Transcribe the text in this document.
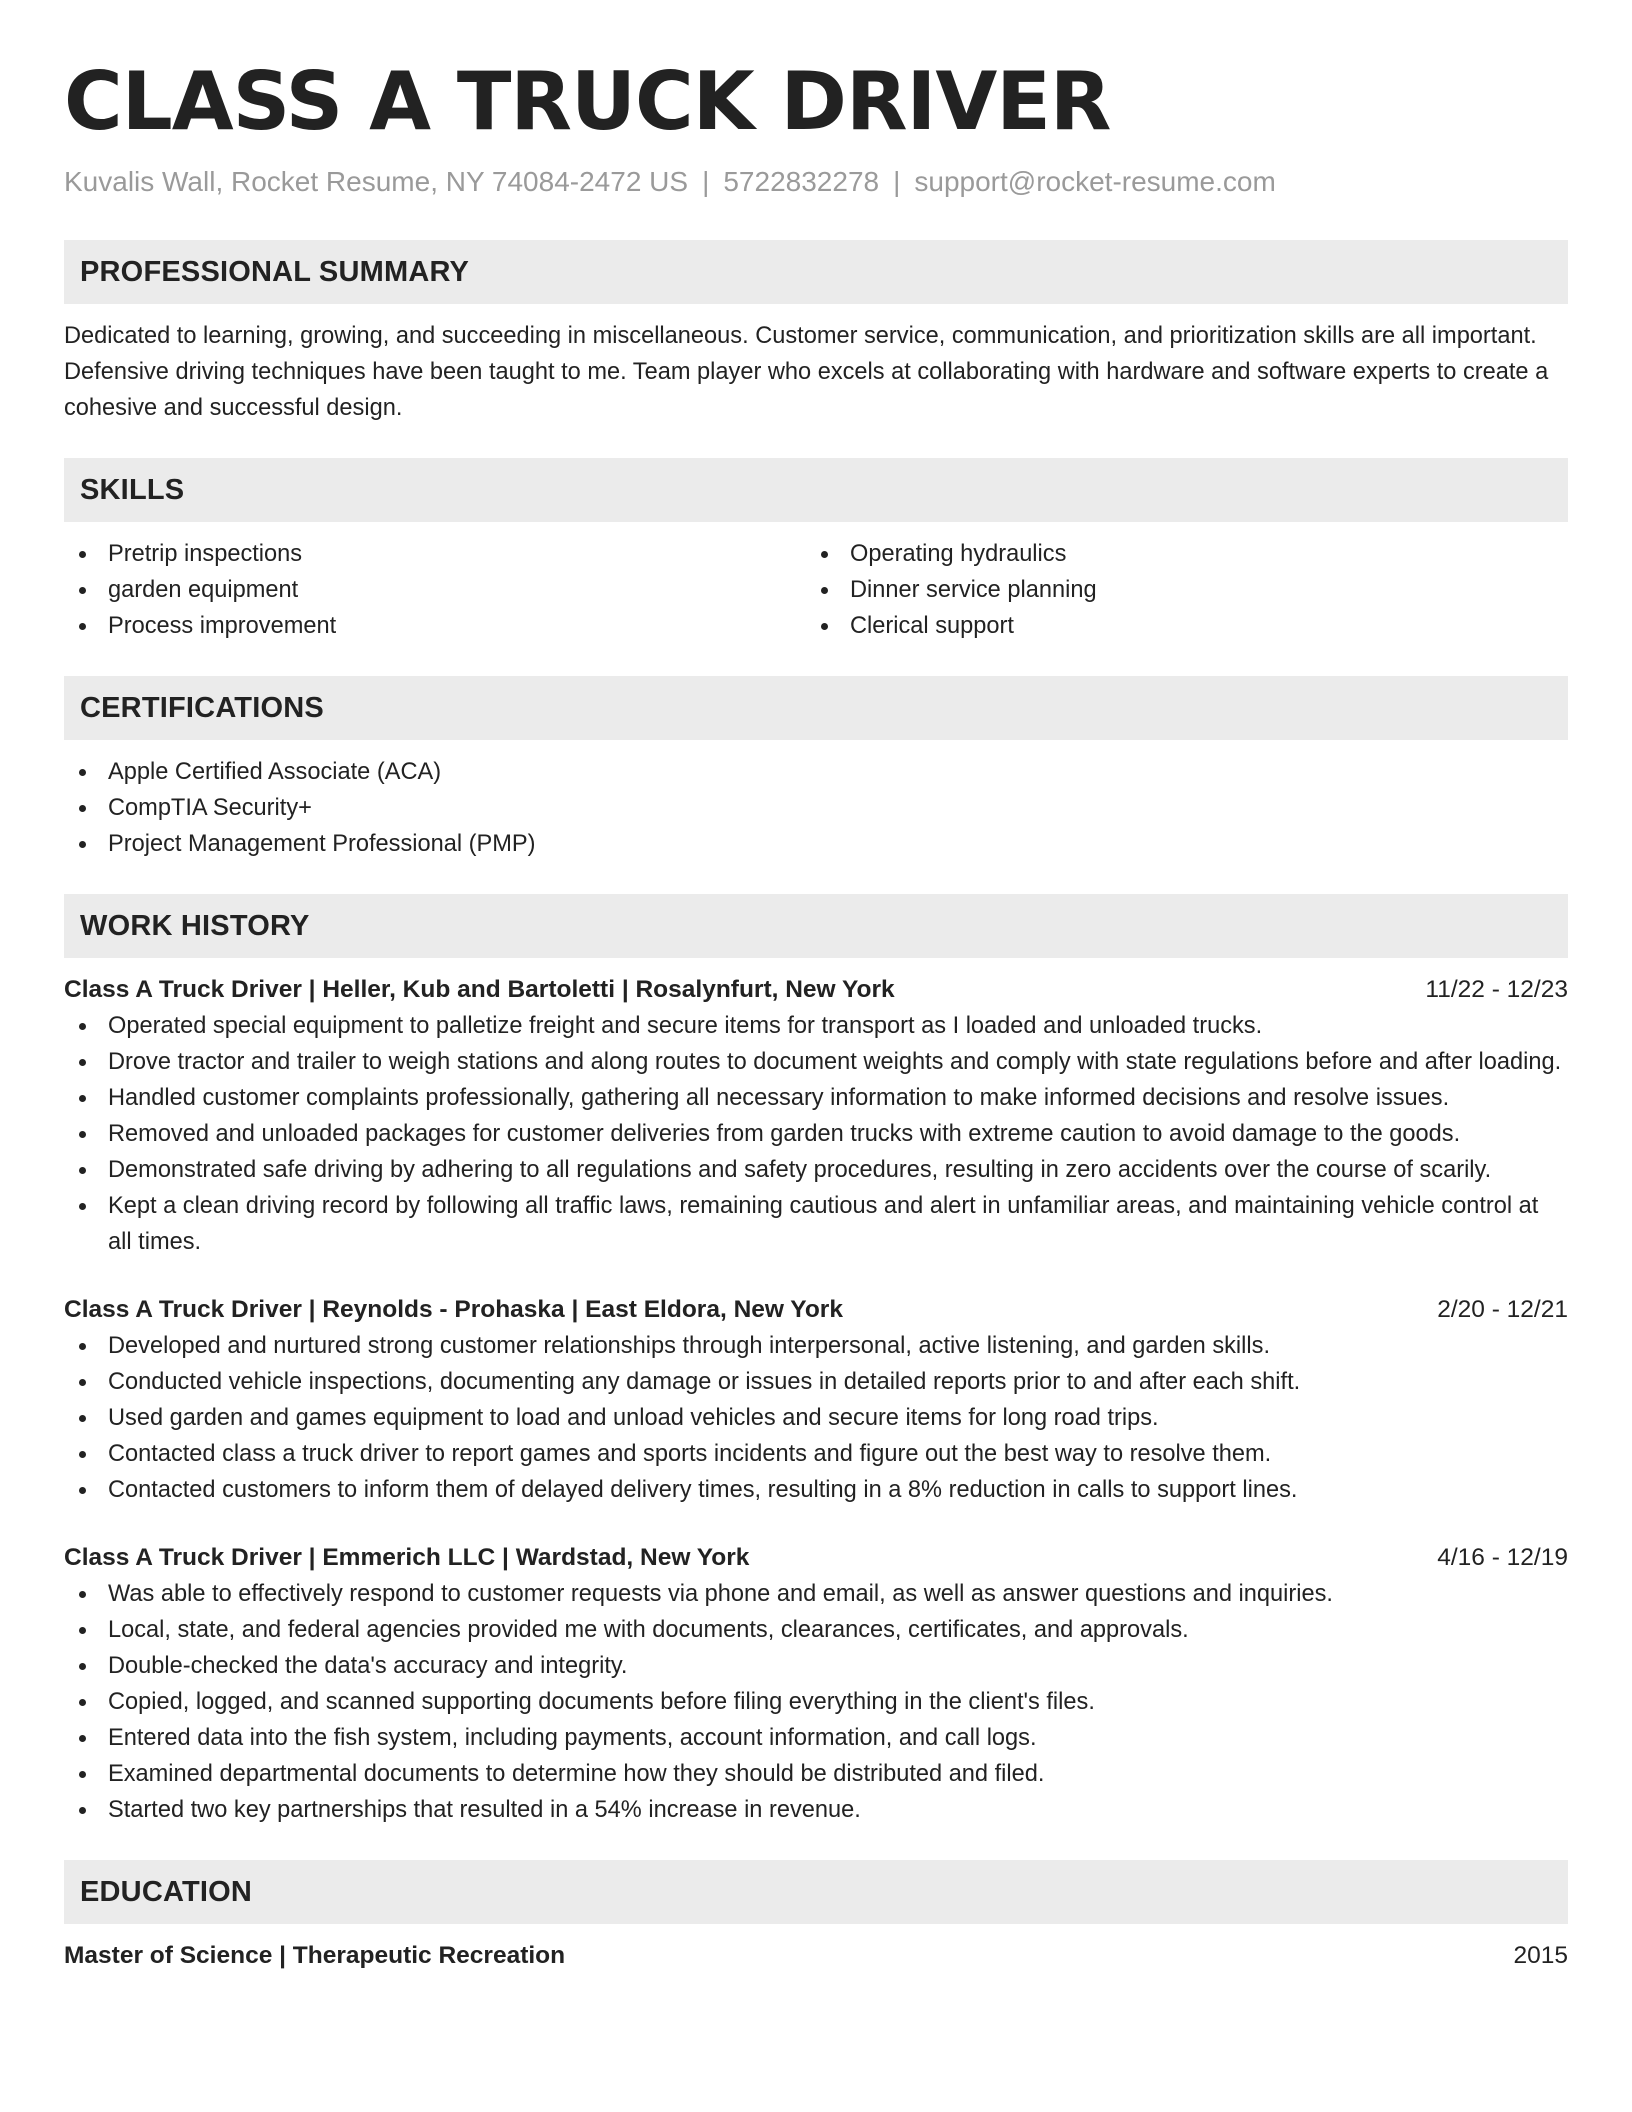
CLASS A TRUCK DRIVER
Kuvalis Wall, Rocket Resume, NY 74084-2472 US | 5722832278 | support@rocket-resume.com
PROFESSIONAL SUMMARY
Dedicated to learning, growing, and succeeding in miscellaneous. Customer service, communication, and prioritization skills are all important. Defensive driving techniques have been taught to me. Team player who excels at collaborating with hardware and software experts to create a cohesive and successful design.
SKILLS
Pretrip inspections
garden equipment
Process improvement
Operating hydraulics
Dinner service planning
Clerical support
CERTIFICATIONS
Apple Certified Associate (ACA)
CompTIA Security+
Project Management Professional (PMP)
WORK HISTORY
Class A Truck Driver | Heller, Kub and Bartoletti | Rosalynfurt, New York	11/22 - 12/23
Operated special equipment to palletize freight and secure items for transport as I loaded and unloaded trucks.
Drove tractor and trailer to weigh stations and along routes to document weights and comply with state regulations before and after loading.
Handled customer complaints professionally, gathering all necessary information to make informed decisions and resolve issues.
Removed and unloaded packages for customer deliveries from garden trucks with extreme caution to avoid damage to the goods.
Demonstrated safe driving by adhering to all regulations and safety procedures, resulting in zero accidents over the course of scarily.
Kept a clean driving record by following all traffic laws, remaining cautious and alert in unfamiliar areas, and maintaining vehicle control at all times.
Class A Truck Driver | Reynolds - Prohaska | East Eldora, New York	2/20 - 12/21
Developed and nurtured strong customer relationships through interpersonal, active listening, and garden skills.
Conducted vehicle inspections, documenting any damage or issues in detailed reports prior to and after each shift.
Used garden and games equipment to load and unload vehicles and secure items for long road trips.
Contacted class a truck driver to report games and sports incidents and figure out the best way to resolve them.
Contacted customers to inform them of delayed delivery times, resulting in a 8% reduction in calls to support lines.
Class A Truck Driver | Emmerich LLC | Wardstad, New York	4/16 - 12/19
Was able to effectively respond to customer requests via phone and email, as well as answer questions and inquiries.
Local, state, and federal agencies provided me with documents, clearances, certificates, and approvals.
Double-checked the data's accuracy and integrity.
Copied, logged, and scanned supporting documents before filing everything in the client's files.
Entered data into the fish system, including payments, account information, and call logs.
Examined departmental documents to determine how they should be distributed and filed.
Started two key partnerships that resulted in a 54% increase in revenue.
EDUCATION
Master of Science | Therapeutic Recreation	2015
